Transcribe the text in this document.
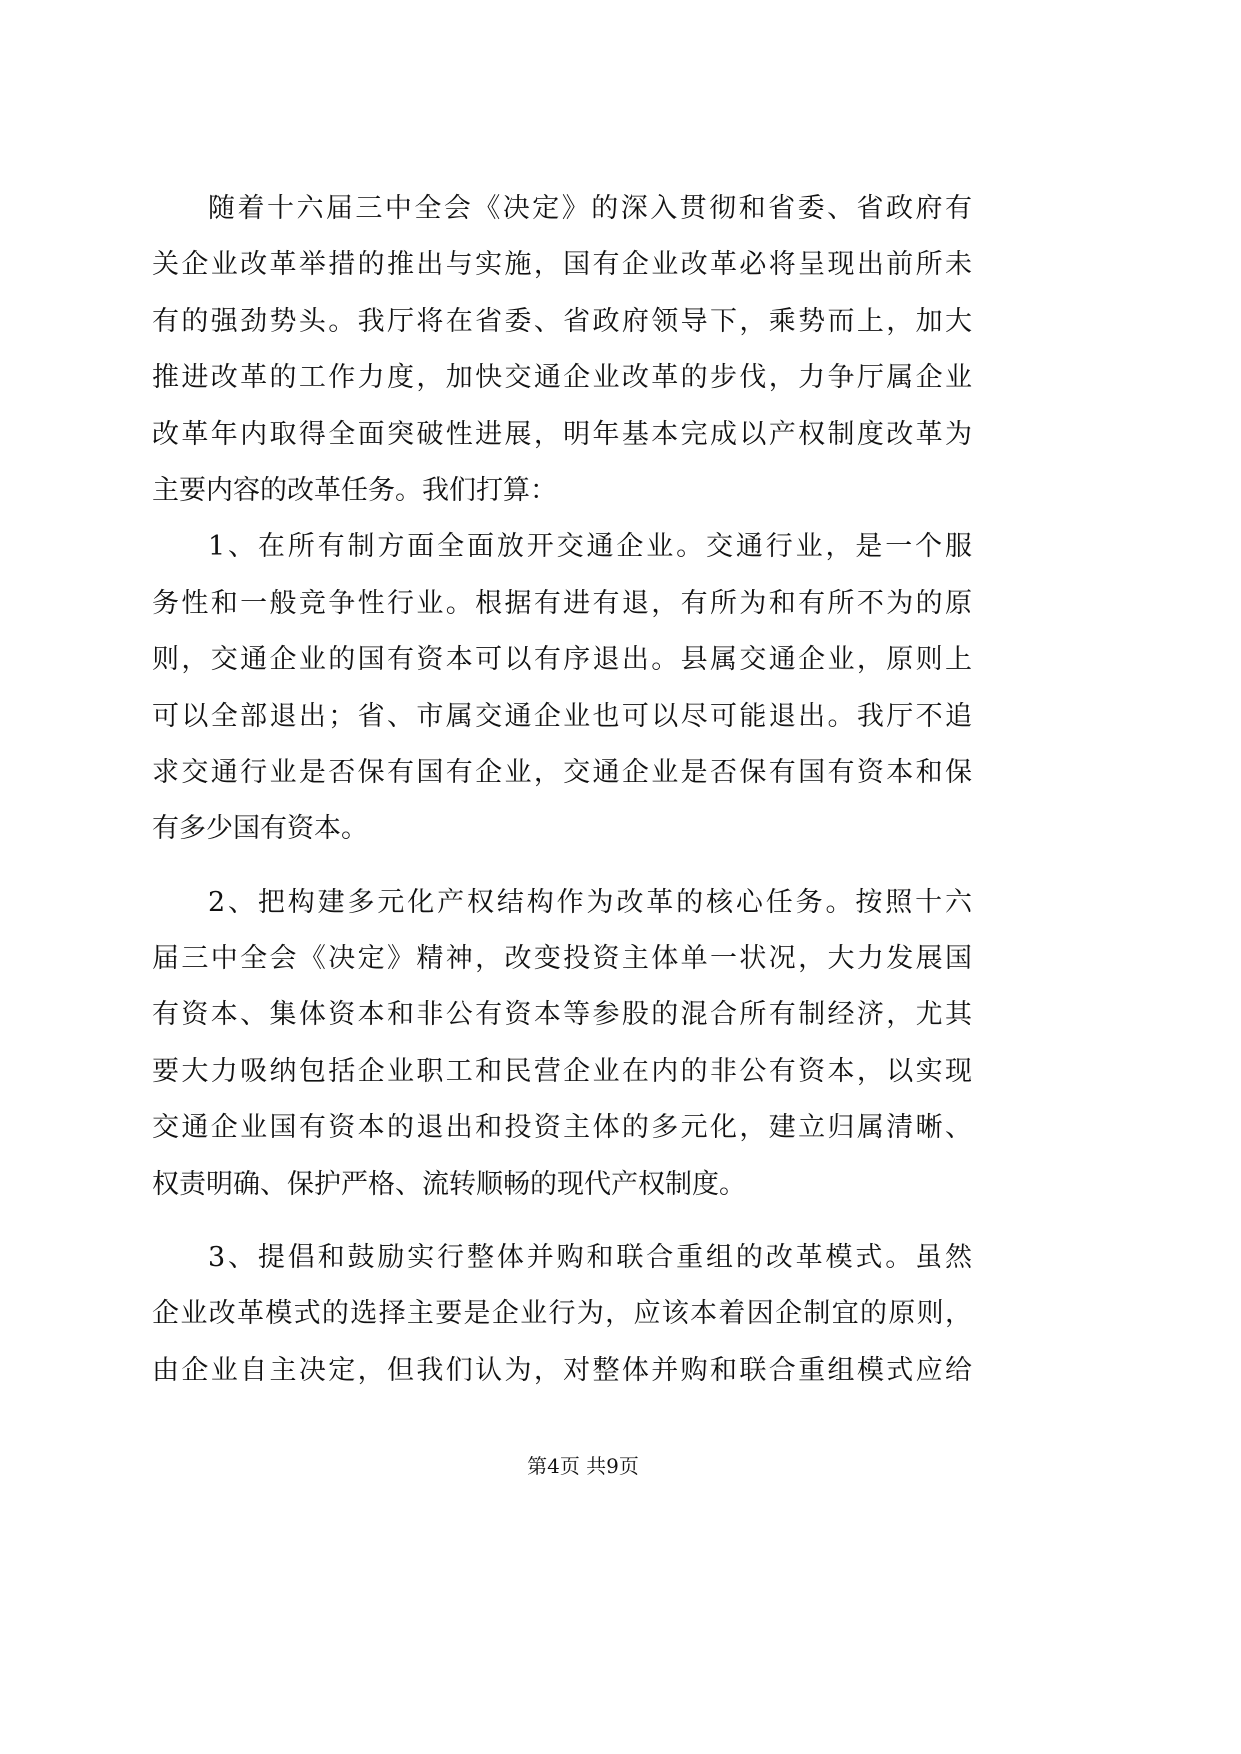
随着十六届三中全会《决定》的深入贯彻和省委、省政府有
关企业改革举措的推出与实施，国有企业改革必将呈现出前所未
有的强劲势头。我厅将在省委、省政府领导下，乘势而上，加大
推进改革的工作力度，加快交通企业改革的步伐，力争厅属企业
改革年内取得全面突破性进展，明年基本完成以产权制度改革为
主要内容的改革任务。我们打算：
1、在所有制方面全面放开交通企业。交通行业，是一个服
务性和一般竞争性行业。根据有进有退，有所为和有所不为的原
则，交通企业的国有资本可以有序退出。县属交通企业，原则上
可以全部退出；省、市属交通企业也可以尽可能退出。我厅不追
求交通行业是否保有国有企业，交通企业是否保有国有资本和保
有多少国有资本。
2、把构建多元化产权结构作为改革的核心任务。按照十六
届三中全会《决定》精神，改变投资主体单一状况，大力发展国
有资本、集体资本和非公有资本等参股的混合所有制经济，尤其
要大力吸纳包括企业职工和民营企业在内的非公有资本，以实现
交通企业国有资本的退出和投资主体的多元化，建立归属清晰、
权责明确、保护严格、流转顺畅的现代产权制度。
3、提倡和鼓励实行整体并购和联合重组的改革模式。虽然
企业改革模式的选择主要是企业行为，应该本着因企制宜的原则，
由企业自主决定，但我们认为，对整体并购和联合重组模式应给
第4页 共9页
